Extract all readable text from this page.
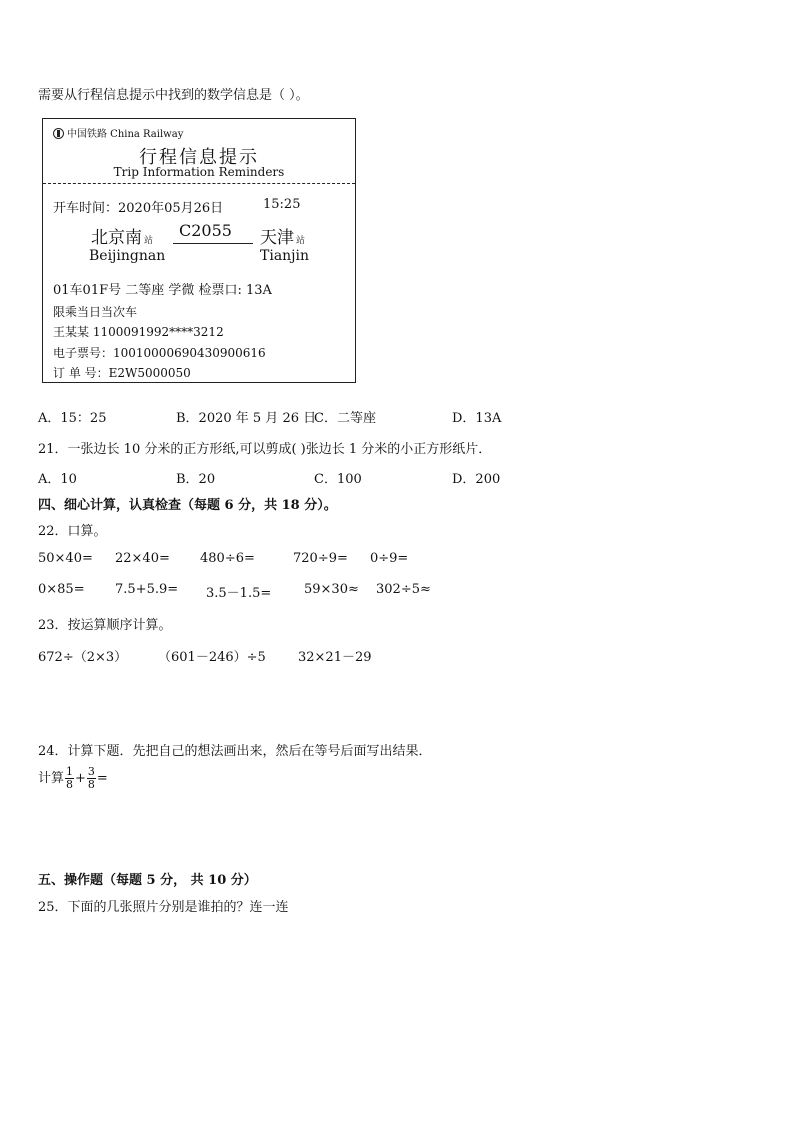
需要从行程信息提示中找到的数学信息是（ ）。
中国铁路 China Railway
行程信息提示
Trip Information Reminders
开车时间：2020年05月26日	15:25
北京南 站
C2055 天津 站
Beijingnan	Tianjin
01车01F号 二等座 学微 检票口: 13A
限乘当日当次车
王某某 1100091992****3212
电子票号：10010000690430900616
订 单 号：E2W5000050
A．15：25	B．2020 年 5 月 26 日
C．二等座	D．13A
21．一张边长 10 分米的正方形纸,可以剪成( )张边长 1 分米的小正方形纸片．
A．10	B．20	C．100	D．200
四、细心计算，认真检查（每题 6 分，共 18 分）。
22．口算。
50×40= 22×40= 480÷6=	720÷9= 0÷9=
0×85= 7.5+5.9= 3.5－1.5=	59×30≈ 302÷5≈
23．按运算顺序计算。
672÷（2×3） （601－246）÷5 32×21－29
24．计算下题．先把自己的想法画出来，然后在等号后面写出结果．
计算 $\frac{1}{8} + \frac{3}{8}$ =
五、操作题（每题 5 分， 共 10 分）
25．下面的几张照片分别是谁拍的？连一连
